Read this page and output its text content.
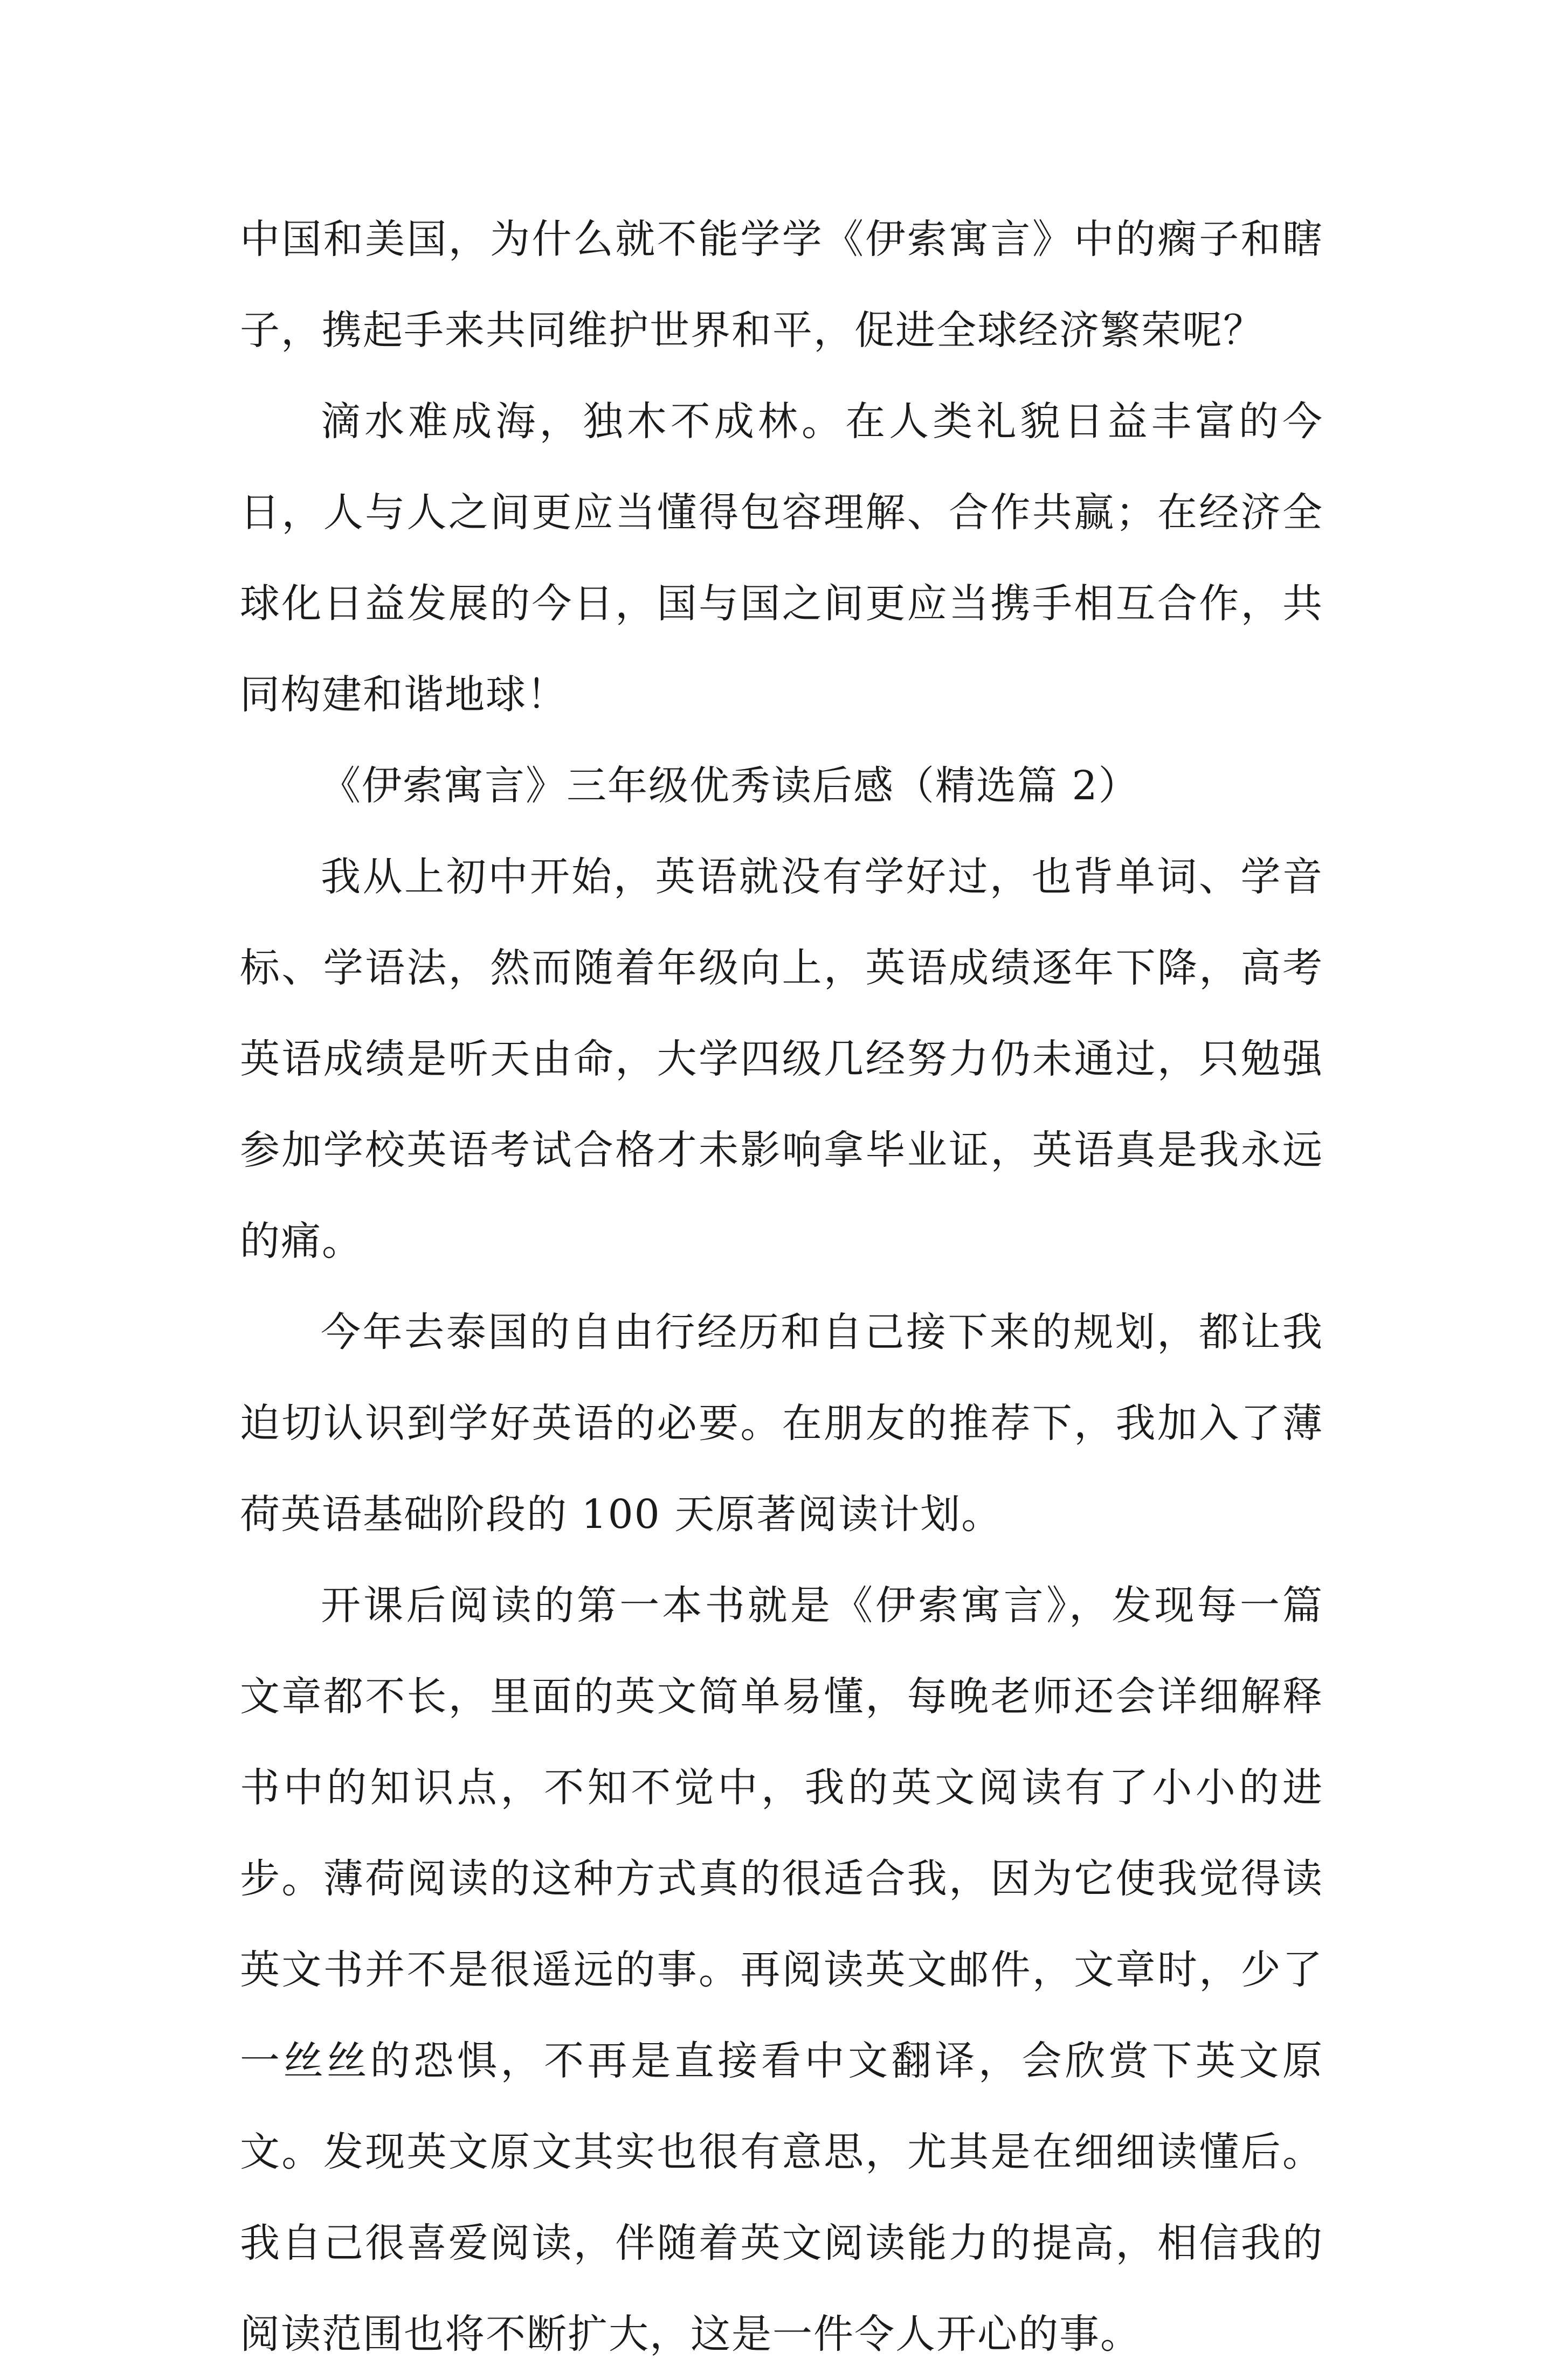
中国和美国，为什么就不能学学《伊索寓言》中的瘸子和瞎子，携起手来共同维护世界和平，促进全球经济繁荣呢？

滴水难成海，独木不成林。在人类礼貌日益丰富的今日，人与人之间更应当懂得包容理解、合作共赢；在经济全球化日益发展的今日，国与国之间更应当携手相互合作，共同构建和谐地球！

《伊索寓言》三年级优秀读后感（精选篇 2）

我从上初中开始，英语就没有学好过，也背单词、学音标、学语法，然而随着年级向上，英语成绩逐年下降，高考英语成绩是听天由命，大学四级几经努力仍未通过，只勉强参加学校英语考试合格才未影响拿毕业证，英语真是我永远的痛。

今年去泰国的自由行经历和自己接下来的规划，都让我迫切认识到学好英语的必要。在朋友的推荐下，我加入了薄荷英语基础阶段的 100 天原著阅读计划。

开课后阅读的第一本书就是《伊索寓言》，发现每一篇文章都不长，里面的英文简单易懂，每晚老师还会详细解释书中的知识点，不知不觉中，我的英文阅读有了小小的进步。薄荷阅读的这种方式真的很适合我，因为它使我觉得读英文书并不是很遥远的事。再阅读英文邮件，文章时，少了一丝丝的恐惧，不再是直接看中文翻译，会欣赏下英文原文。发现英文原文其实也很有意思，尤其是在细细读懂后。我自己很喜爱阅读，伴随着英文阅读能力的提高，相信我的阅读范围也将不断扩大，这是一件令人开心的事。
